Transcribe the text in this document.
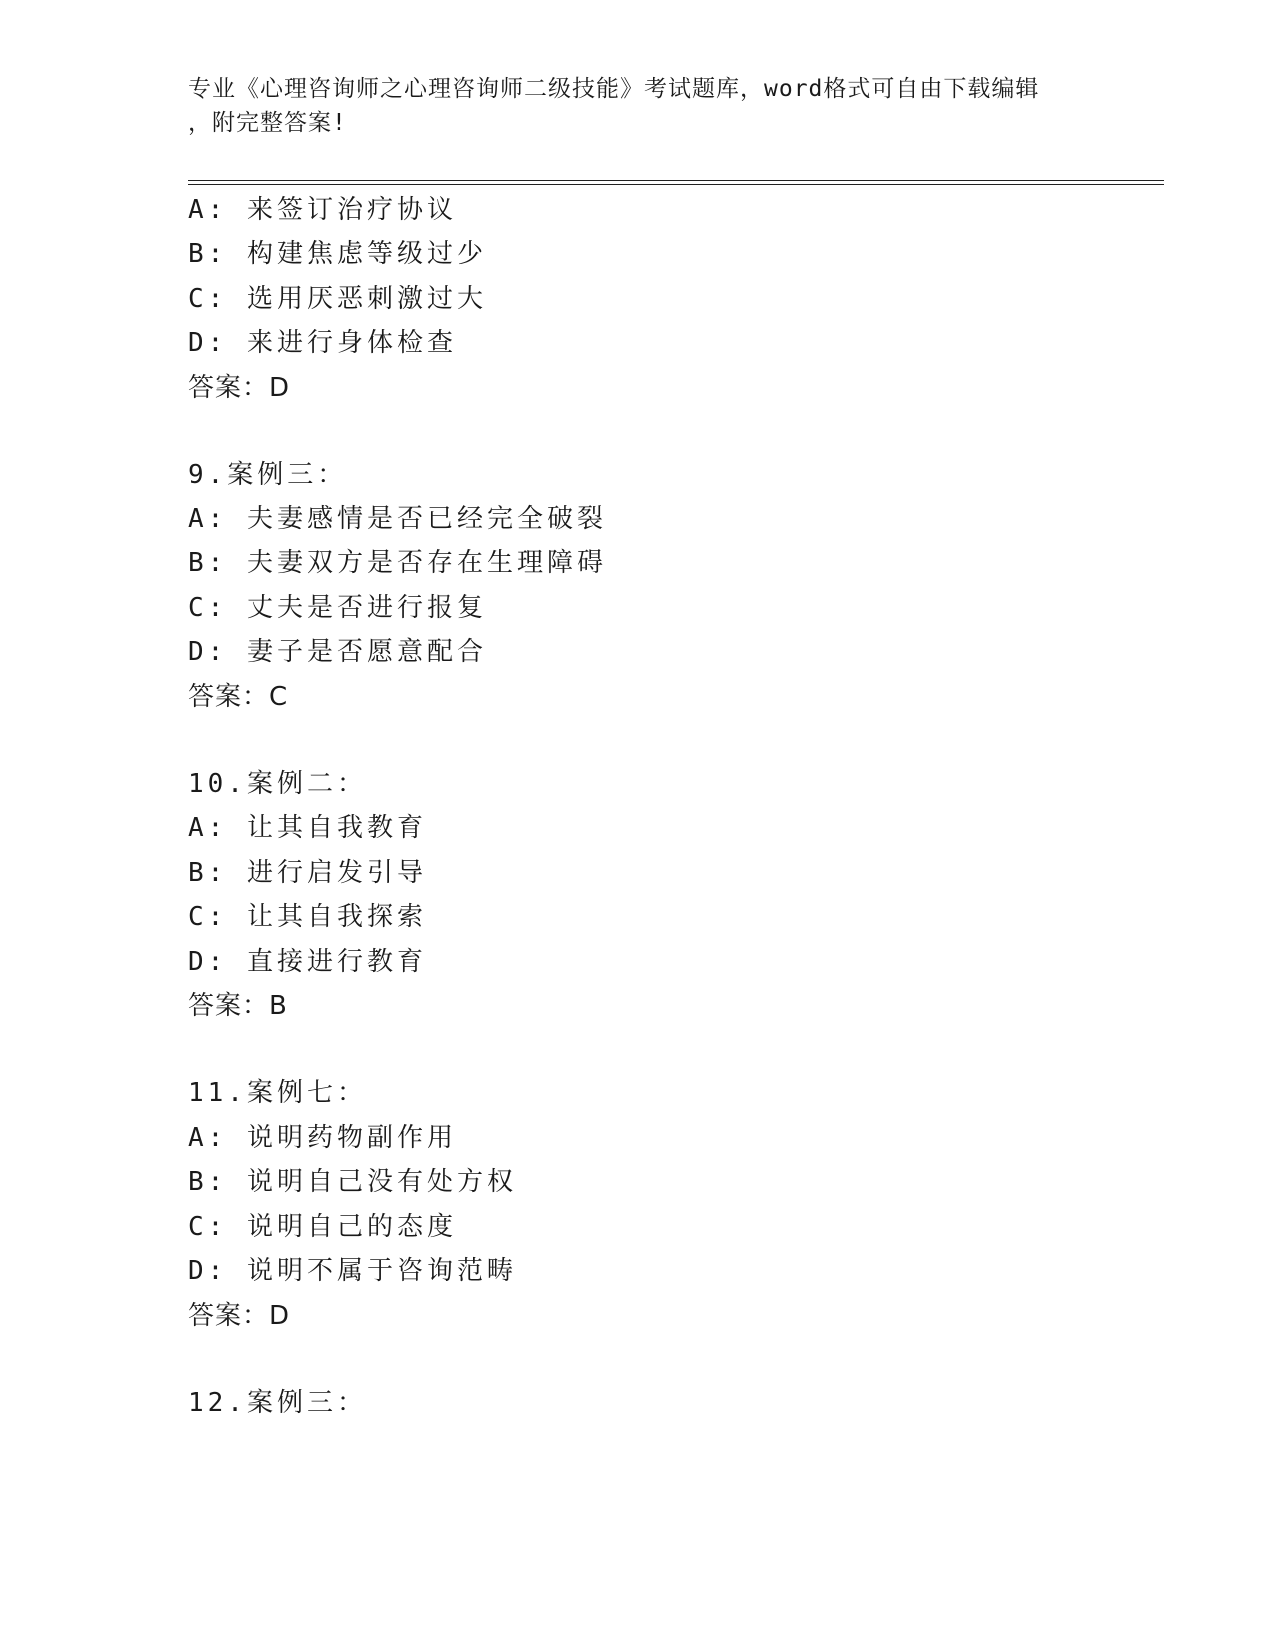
专业《心理咨询师之心理咨询师二级技能》考试题库，word格式可自由下载编辑
，附完整答案!
A: 来签订治疗协议
B: 构建焦虑等级过少
C: 选用厌恶刺激过大
D: 来进行身体检查
答案：D
9.案例三：
A: 夫妻感情是否已经完全破裂
B: 夫妻双方是否存在生理障碍
C: 丈夫是否进行报复
D: 妻子是否愿意配合
答案：C
10.案例二：
A: 让其自我教育
B: 进行启发引导
C: 让其自我探索
D: 直接进行教育
答案：B
11.案例七：
A: 说明药物副作用
B: 说明自己没有处方权
C: 说明自己的态度
D: 说明不属于咨询范畴
答案：D
12.案例三：
